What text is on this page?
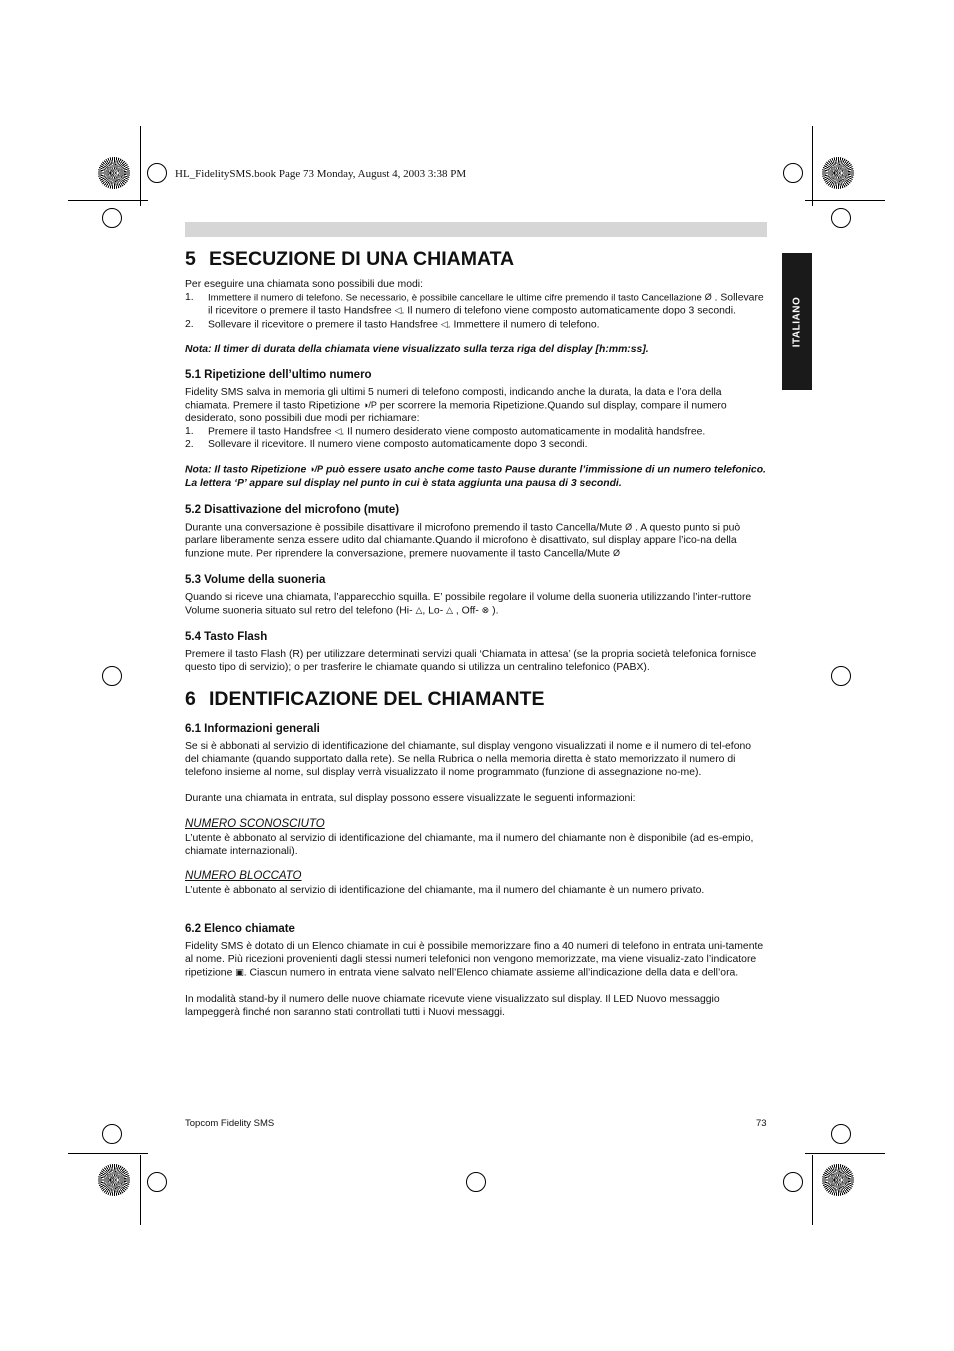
HL_FidelitySMS.book Page 73 Monday, August 4, 2003 3:38 PM
ITALIANO
5 ESECUZIONE DI UNA CHIAMATA

Per eseguire una chiamata sono possibili due modi:

1. Immettere il numero di telefono. Se necessario, è possibile cancellare le ultime cifre premendo il tasto Cancellazione Ø . Sollevare il ricevitore o premere il tasto Handsfree ◁. Il numero di telefono viene composto automaticamente dopo 3 secondi.
2. Sollevare il ricevitore o premere il tasto Handsfree ◁. Immettere il numero di telefono.

Nota: Il timer di durata della chiamata viene visualizzato sulla terza riga del display [h:mm:ss].

5.1 Ripetizione dell’ultimo numero

Fidelity SMS salva in memoria gli ultimi 5 numeri di telefono composti, indicando anche la durata, la data e l’ora della chiamata. Premere il tasto Ripetizione ◑/P per scorrere la memoria Ripetizione.Quando sul display, compare il numero desiderato, sono possibili due modi per richiamare:

1. Premere il tasto Handsfree ◁. Il numero desiderato viene composto automaticamente in modalità handsfree.
2. Sollevare il ricevitore. Il numero viene composto automaticamente dopo 3 secondi.

Nota: Il tasto Ripetizione ◑/P può essere usato anche come tasto Pause durante l’immissione di un numero telefonico.

La lettera ‘P’ appare sul display nel punto in cui è stata aggiunta una pausa di 3 secondi.

5.2 Disattivazione del microfono (mute)

Durante una conversazione è possibile disattivare il microfono premendo il tasto Cancella/Mute Ø . A questo punto si può parlare liberamente senza essere udito dal chiamante.Quando il microfono è disattivato, sul display appare l’ico-na della funzione mute. Per riprendere la conversazione, premere nuovamente il tasto Cancella/Mute Ø

5.3 Volume della suoneria

Quando si riceve una chiamata, l’apparecchio squilla. E’ possibile regolare il volume della suoneria utilizzando l’inter-ruttore Volume suoneria situato sul retro del telefono (Hi- △, Lo- △ , Off- ⊗ ).

5.4 Tasto Flash

Premere il tasto Flash (R) per utilizzare determinati servizi quali ‘Chiamata in attesa’ (se la propria società telefonica fornisce questo tipo di servizio); o per trasferire le chiamate quando si utilizza un centralino telefonico (PABX).

6 IDENTIFICAZIONE DEL CHIAMANTE
6.1 Informazioni generali

Se si è abbonati al servizio di identificazione del chiamante, sul display vengono visualizzati il nome e il numero di tel-efono del chiamante (quando supportato dalla rete). Se nella Rubrica o nella memoria diretta è stato memorizzato il numero di telefono insieme al nome, sul display verrà visualizzato il nome programmato (funzione di assegnazione no-me).

Durante una chiamata in entrata, sul display possono essere visualizzate le seguenti informazioni:

NUMERO SCONOSCIUTO

L’utente è abbonato al servizio di identificazione del chiamante, ma il numero del chiamante non è disponibile (ad es-empio, chiamate internazionali).

NUMERO BLOCCATO

L’utente è abbonato al servizio di identificazione del chiamante, ma il numero del chiamante è un numero privato.

6.2 Elenco chiamate

Fidelity SMS è dotato di un Elenco chiamate in cui è possibile memorizzare fino a 40 numeri di telefono in entrata uni-tamente al nome. Più ricezioni provenienti dagli stessi numeri telefonici non vengono memorizzate, ma viene visualiz-zato l’indicatore ripetizione ▣. Ciascun numero in entrata viene salvato nell’Elenco chiamate assieme all’indicazione della data e dell’ora.

In modalità stand-by il numero delle nuove chiamate ricevute viene visualizzato sul display. Il LED Nuovo messaggio lampeggerà finché non saranno stati controllati tutti i Nuovi messaggi.

Topcom Fidelity SMS	73
